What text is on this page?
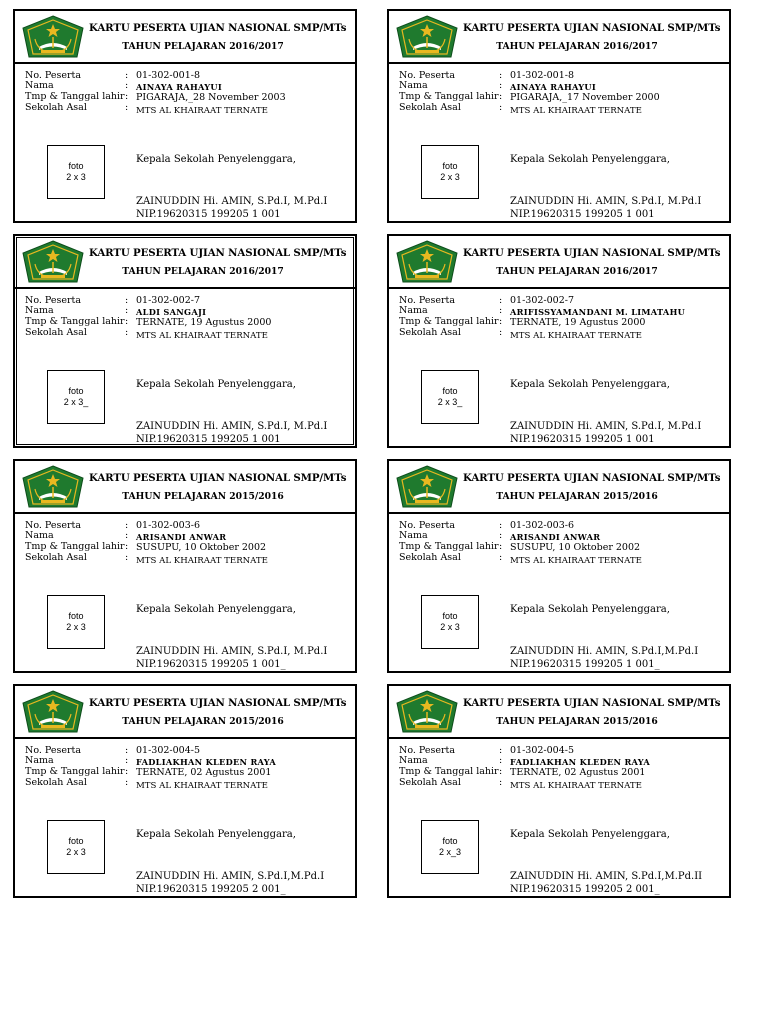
KARTU PESERTA UJIAN NASIONAL SMP/MTs
TAHUN PELAJARAN 2016/2017
No. Peserta
Nama
Tmp & Tanggal lahir
Sekolah Asal
:
:
:
:
01-302-001-8
AINAYA RAHAYUI
PIGARAJA,_28 November 2003
MTS AL KHAIRAAT TERNATE
foto
2 x 3
Kepala Sekolah Penyelenggara,
ZAINUDDIN Hi. AMIN, S.Pd.I, M.Pd.I
NIP.19620315 199205 1 001
KARTU PESERTA UJIAN NASIONAL SMP/MTs
TAHUN PELAJARAN 2016/2017
No. Peserta
Nama
Tmp & Tanggal lahir
Sekolah Asal
:
:
:
:
01-302-001-8
AINAYA RAHAYUI
PIGARAJA,_17 November 2000
MTS AL KHAIRAAT TERNATE
foto
2 x 3
Kepala Sekolah Penyelenggara,
ZAINUDDIN Hi. AMIN, S.Pd.I, M.Pd.I
NIP.19620315 199205 1 001
KARTU PESERTA UJIAN NASIONAL SMP/MTs
TAHUN PELAJARAN 2016/2017
No. Peserta
Nama
Tmp & Tanggal lahir
Sekolah Asal
:
:
:
:
01-302-002-7
ALDI SANGAJI
TERNATE, 19 Agustus 2000
MTS AL KHAIRAAT TERNATE
foto
2 x 3_
Kepala Sekolah Penyelenggara,
ZAINUDDIN Hi. AMIN, S.Pd.I, M.Pd.I
NIP.19620315 199205 1 001
KARTU PESERTA UJIAN NASIONAL SMP/MTs
TAHUN PELAJARAN 2016/2017
No. Peserta
Nama
Tmp & Tanggal lahir
Sekolah Asal
:
:
:
:
01-302-002-7
ARIFISSYAMANDANI M. LIMATAHU
TERNATE, 19 Agustus 2000
MTS AL KHAIRAAT TERNATE
foto
2 x 3_
Kepala Sekolah Penyelenggara,
ZAINUDDIN Hi. AMIN, S.Pd.I, M.Pd.I
NIP.19620315 199205 1 001
KARTU PESERTA UJIAN NASIONAL SMP/MTs
TAHUN PELAJARAN 2015/2016
No. Peserta
Nama
Tmp & Tanggal lahir
Sekolah Asal
:
:
:
:
01-302-003-6
ARISANDI ANWAR
SUSUPU, 10 Oktober 2002
MTS AL KHAIRAAT TERNATE
foto
2 x 3
Kepala Sekolah Penyelenggara,
ZAINUDDIN Hi. AMIN, S.Pd.I, M.Pd.I
NIP.19620315 199205 1 001_
KARTU PESERTA UJIAN NASIONAL SMP/MTs
TAHUN PELAJARAN 2015/2016
No. Peserta
Nama
Tmp & Tanggal lahir
Sekolah Asal
:
:
:
:
01-302-003-6
ARISANDI ANWAR
SUSUPU, 10 Oktober 2002
MTS AL KHAIRAAT TERNATE
foto
2 x 3
Kepala Sekolah Penyelenggara,
ZAINUDDIN Hi. AMIN, S.Pd.I,M.Pd.I
NIP.19620315 199205 1 001_
KARTU PESERTA UJIAN NASIONAL SMP/MTs
TAHUN PELAJARAN 2015/2016
No. Peserta
Nama
Tmp & Tanggal lahir
Sekolah Asal
:
:
:
:
01-302-004-5
FADLIAKHAN KLEDEN RAYA
TERNATE, 02 Agustus 2001
MTS AL KHAIRAAT TERNATE
foto
2 x 3
Kepala Sekolah Penyelenggara,
ZAINUDDIN Hi. AMIN, S.Pd.I,M.Pd.I
NIP.19620315 199205 2 001_
KARTU PESERTA UJIAN NASIONAL SMP/MTs
TAHUN PELAJARAN 2015/2016
No. Peserta
Nama
Tmp & Tanggal lahir
Sekolah Asal
:
:
:
:
01-302-004-5
FADLIAKHAN KLEDEN RAYA
TERNATE, 02 Agustus 2001
MTS AL KHAIRAAT TERNATE
foto
2 x_3
Kepala Sekolah Penyelenggara,
ZAINUDDIN Hi. AMIN, S.Pd.I,M.Pd.II
NIP.19620315 199205 2 001_
